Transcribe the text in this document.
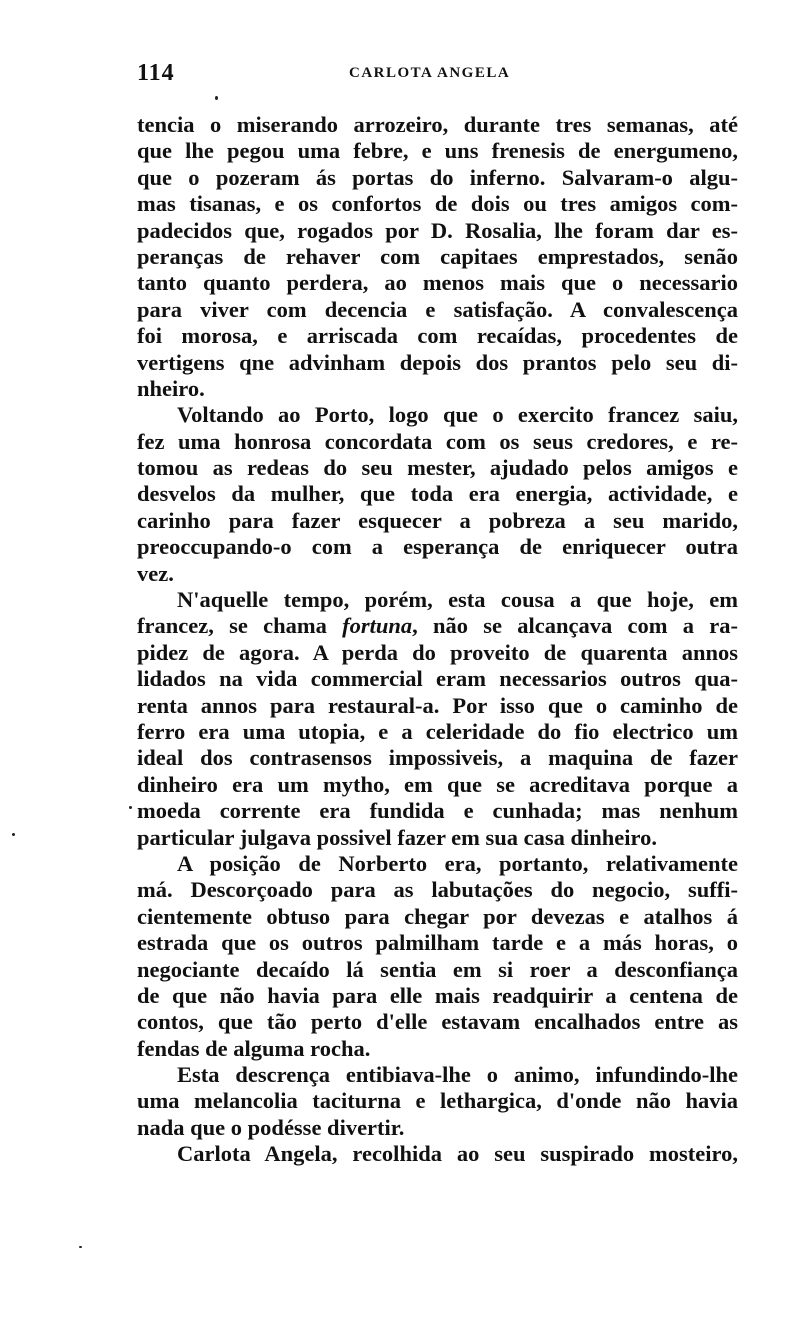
114	CARLOTA ANGELA
tencia o miserando arrozeiro, durante tres semanas, até
que lhe pegou uma febre, e uns frenesis de energumeno,
que o pozeram ás portas do inferno. Salvaram-o algu-
mas tisanas, e os confortos de dois ou tres amigos com-
padecidos que, rogados por D. Rosalia, lhe foram dar es-
peranças de rehaver com capitaes emprestados, senão
tanto quanto perdera, ao menos mais que o necessario
para viver com decencia e satisfação. A convalescença
foi morosa, e arriscada com recaídas, procedentes de
vertigens qne advinham depois dos prantos pelo seu di-
nheiro.
Voltando ao Porto, logo que o exercito francez saiu,
fez uma honrosa concordata com os seus credores, e re-
tomou as redeas do seu mester, ajudado pelos amigos e
desvelos da mulher, que toda era energia, actividade, e
carinho para fazer esquecer a pobreza a seu marido,
preoccupando-o com a esperança de enriquecer outra
vez.
N'aquelle tempo, porém, esta cousa a que hoje, em
francez, se chama fortuna, não se alcançava com a ra-
pidez de agora. A perda do proveito de quarenta annos
lidados na vida commercial eram necessarios outros qua-
renta annos para restaural-a. Por isso que o caminho de
ferro era uma utopia, e a celeridade do fio electrico um
ideal dos contrasensos impossiveis, a maquina de fazer
dinheiro era um mytho, em que se acreditava porque a
moeda corrente era fundida e cunhada; mas nenhum
particular julgava possivel fazer em sua casa dinheiro.
A posição de Norberto era, portanto, relativamente
má. Descorçoado para as labutações do negocio, suffi-
cientemente obtuso para chegar por devezas e atalhos á
estrada que os outros palmilham tarde e a más horas, o
negociante decaído lá sentia em si roer a desconfiança
de que não havia para elle mais readquirir a centena de
contos, que tão perto d'elle estavam encalhados entre as
fendas de alguma rocha.
Esta descrença entibiava-lhe o animo, infundindo-lhe
uma melancolia taciturna e lethargica, d'onde não havia
nada que o podésse divertir.
Carlota Angela, recolhida ao seu suspirado mosteiro,
